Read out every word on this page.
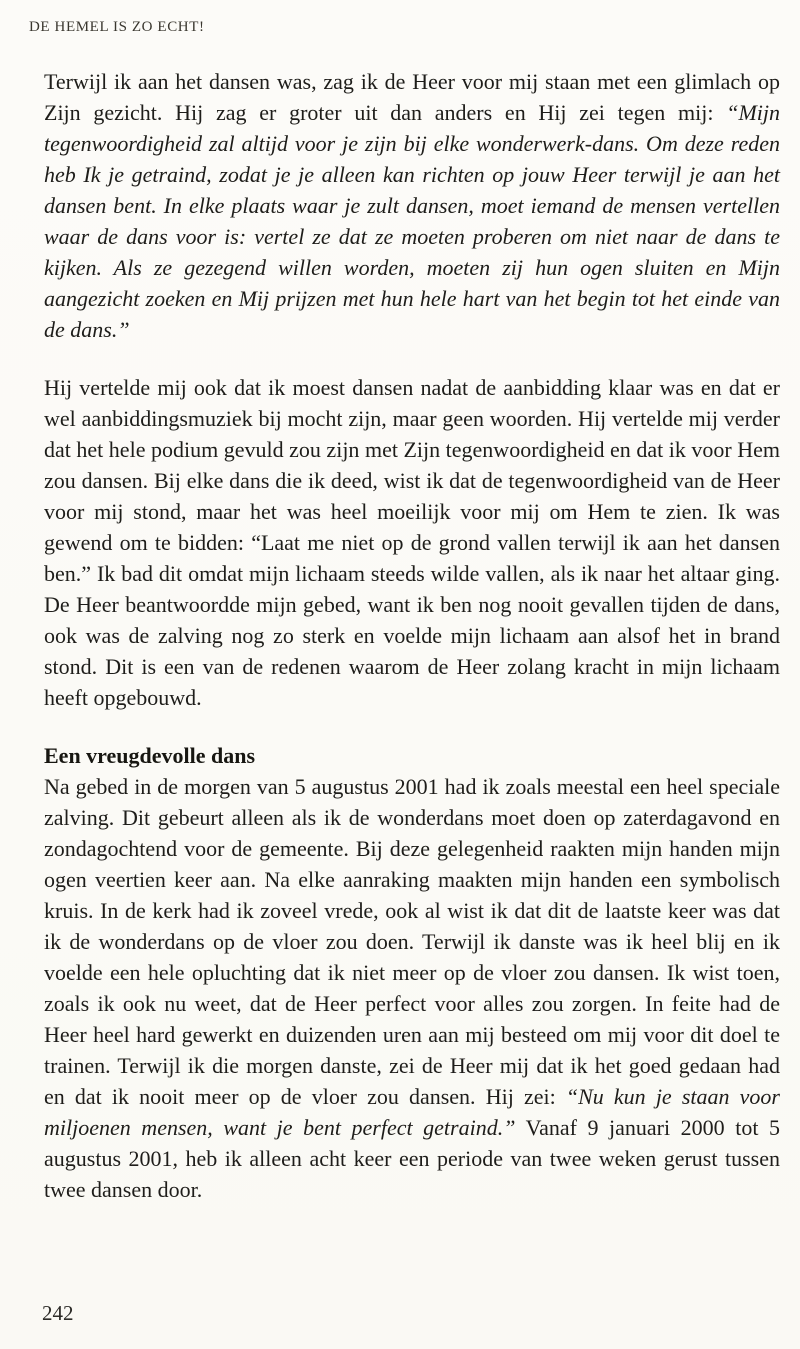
DE HEMEL IS ZO ECHT!

Terwijl ik aan het dansen was, zag ik de Heer voor mij staan met een glimlach op Zijn gezicht. Hij zag er groter uit dan anders en Hij zei tegen mij: “Mijn tegenwoordigheid zal altijd voor je zijn bij elke wonderwerk-dans. Om deze reden heb Ik je getraind, zodat je je alleen kan richten op jouw Heer terwijl je aan het dansen bent. In elke plaats waar je zult dansen, moet iemand de mensen vertellen waar de dans voor is: vertel ze dat ze moeten proberen om niet naar de dans te kijken. Als ze gezegend willen worden, moeten zij hun ogen sluiten en Mijn aangezicht zoeken en Mij prijzen met hun hele hart van het begin tot het einde van de dans.”

Hij vertelde mij ook dat ik moest dansen nadat de aanbidding klaar was en dat er wel aanbiddingsmuziek bij mocht zijn, maar geen woorden. Hij vertelde mij verder dat het hele podium gevuld zou zijn met Zijn tegenwoordigheid en dat ik voor Hem zou dansen. Bij elke dans die ik deed, wist ik dat de tegenwoordigheid van de Heer voor mij stond, maar het was heel moeilijk voor mij om Hem te zien. Ik was gewend om te bidden: “Laat me niet op de grond vallen terwijl ik aan het dansen ben.” Ik bad dit omdat mijn lichaam steeds wilde vallen, als ik naar het altaar ging. De Heer beantwoordde mijn gebed, want ik ben nog nooit gevallen tijden de dans, ook was de zalving nog zo sterk en voelde mijn lichaam aan alsof het in brand stond. Dit is een van de redenen waarom de Heer zolang kracht in mijn lichaam heeft opgebouwd.

Een vreugdevolle dans

Na gebed in de morgen van 5 augustus 2001 had ik zoals meestal een heel speciale zalving. Dit gebeurt alleen als ik de wonderdans moet doen op zaterdagavond en zondagochtend voor de gemeente. Bij deze gelegenheid raakten mijn handen mijn ogen veertien keer aan. Na elke aanraking maakten mijn handen een symbolisch kruis. In de kerk had ik zoveel vrede, ook al wist ik dat dit de laatste keer was dat ik de wonderdans op de vloer zou doen. Terwijl ik danste was ik heel blij en ik voelde een hele opluchting dat ik niet meer op de vloer zou dansen. Ik wist toen, zoals ik ook nu weet, dat de Heer perfect voor alles zou zorgen. In feite had de Heer heel hard gewerkt en duizenden uren aan mij besteed om mij voor dit doel te trainen. Terwijl ik die morgen danste, zei de Heer mij dat ik het goed gedaan had en dat ik nooit meer op de vloer zou dansen. Hij zei: “Nu kun je staan voor miljoenen mensen, want je bent perfect getraind.” Vanaf 9 januari 2000 tot 5 augustus 2001, heb ik alleen acht keer een periode van twee weken gerust tussen twee dansen door.

242
